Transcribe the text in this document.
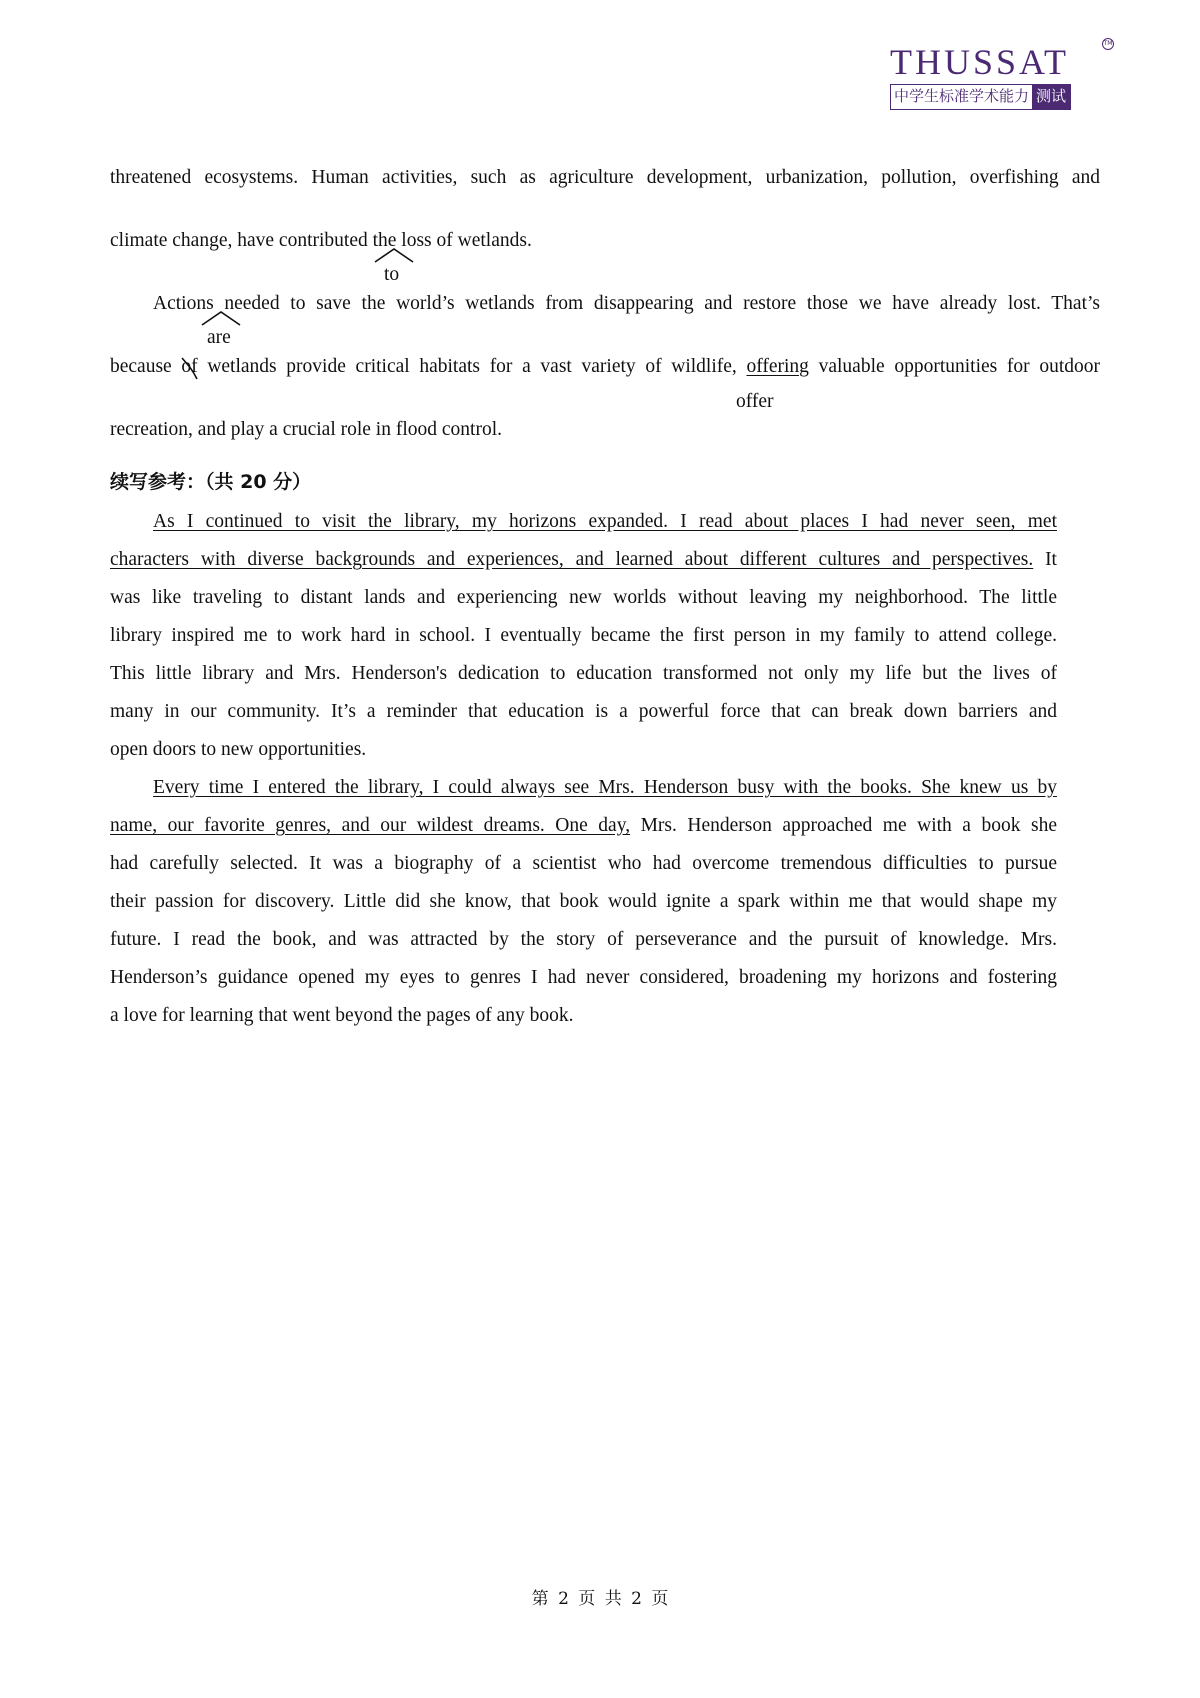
THUSSAT	TM
中学生标准学术能力 测试
threatened ecosystems. Human activities, such as agriculture development, urbanization, pollution, overfishing and
climate change, have contributed the loss of wetlands.
to
Actions needed to save the world’s wetlands from disappearing and restore those we have already lost. That’s
are
because of wetlands provide critical habitats for a vast variety of wildlife, offering valuable opportunities for outdoor
offer
recreation, and play a crucial role in flood control.
续写参考：（共 20 分）
As I continued to visit the library, my horizons expanded. I read about places I had never seen, met
characters with diverse backgrounds and experiences, and learned about different cultures and perspectives. It
was like traveling to distant lands and experiencing new worlds without leaving my neighborhood. The little
library inspired me to work hard in school. I eventually became the first person in my family to attend college.
This little library and Mrs. Henderson's dedication to education transformed not only my life but the lives of
many in our community. It’s a reminder that education is a powerful force that can break down barriers and
open doors to new opportunities.
Every time I entered the library, I could always see Mrs. Henderson busy with the books. She knew us by
name, our favorite genres, and our wildest dreams. One day, Mrs. Henderson approached me with a book she
had carefully selected. It was a biography of a scientist who had overcome tremendous difficulties to pursue
their passion for discovery. Little did she know, that book would ignite a spark within me that would shape my
future. I read the book, and was attracted by the story of perseverance and the pursuit of knowledge. Mrs.
Henderson’s guidance opened my eyes to genres I had never considered, broadening my horizons and fostering
a love for learning that went beyond the pages of any book.
第 2 页 共 2 页
